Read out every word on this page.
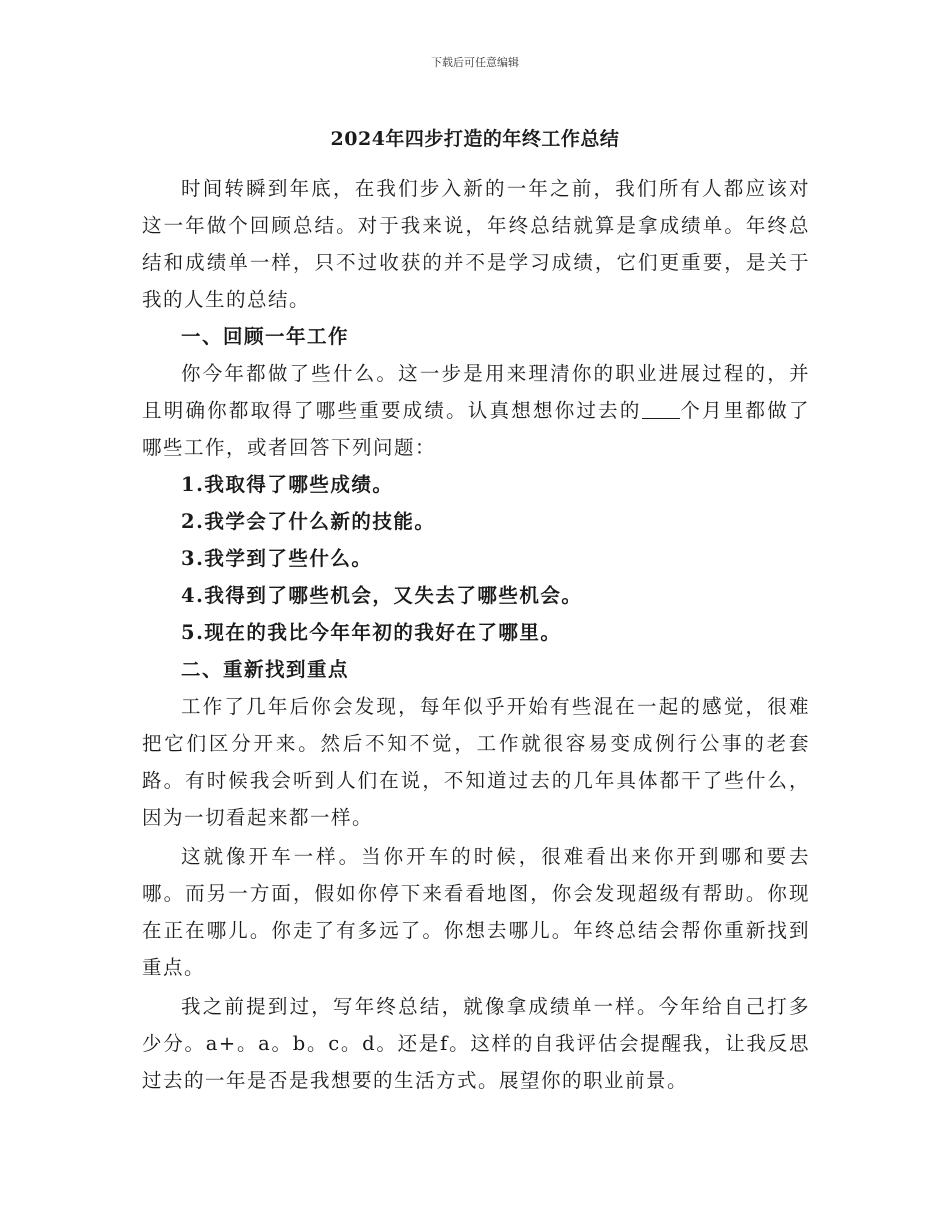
下载后可任意编辑
2024年四步打造的年终工作总结

时间转瞬到年底，在我们步入新的一年之前，我们所有人都应该对这一年做个回顾总结。对于我来说，年终总结就算是拿成绩单。年终总结和成绩单一样，只不过收获的并不是学习成绩，它们更重要，是关于我的人生的总结。

一、回顾一年工作

你今年都做了些什么。这一步是用来理清你的职业进展过程的，并且明确你都取得了哪些重要成绩。认真想想你过去的 个月里都做了哪些工作，或者回答下列问题：

1.我取得了哪些成绩。

2.我学会了什么新的技能。

3.我学到了些什么。

4.我得到了哪些机会，又失去了哪些机会。

5.现在的我比今年年初的我好在了哪里。

二、重新找到重点

工作了几年后你会发现，每年似乎开始有些混在一起的感觉，很难把它们区分开来。然后不知不觉，工作就很容易变成例行公事的老套路。有时候我会听到人们在说，不知道过去的几年具体都干了些什么，因为一切看起来都一样。

这就像开车一样。当你开车的时候，很难看出来你开到哪和要去哪。而另一方面，假如你停下来看看地图，你会发现超级有帮助。你现在正在哪儿。你走了有多远了。你想去哪儿。年终总结会帮你重新找到重点。

我之前提到过，写年终总结，就像拿成绩单一样。今年给自己打多少分。a+。a。b。c。d。还是f。这样的自我评估会提醒我，让我反思过去的一年是否是我想要的生活方式。展望你的职业前景。
